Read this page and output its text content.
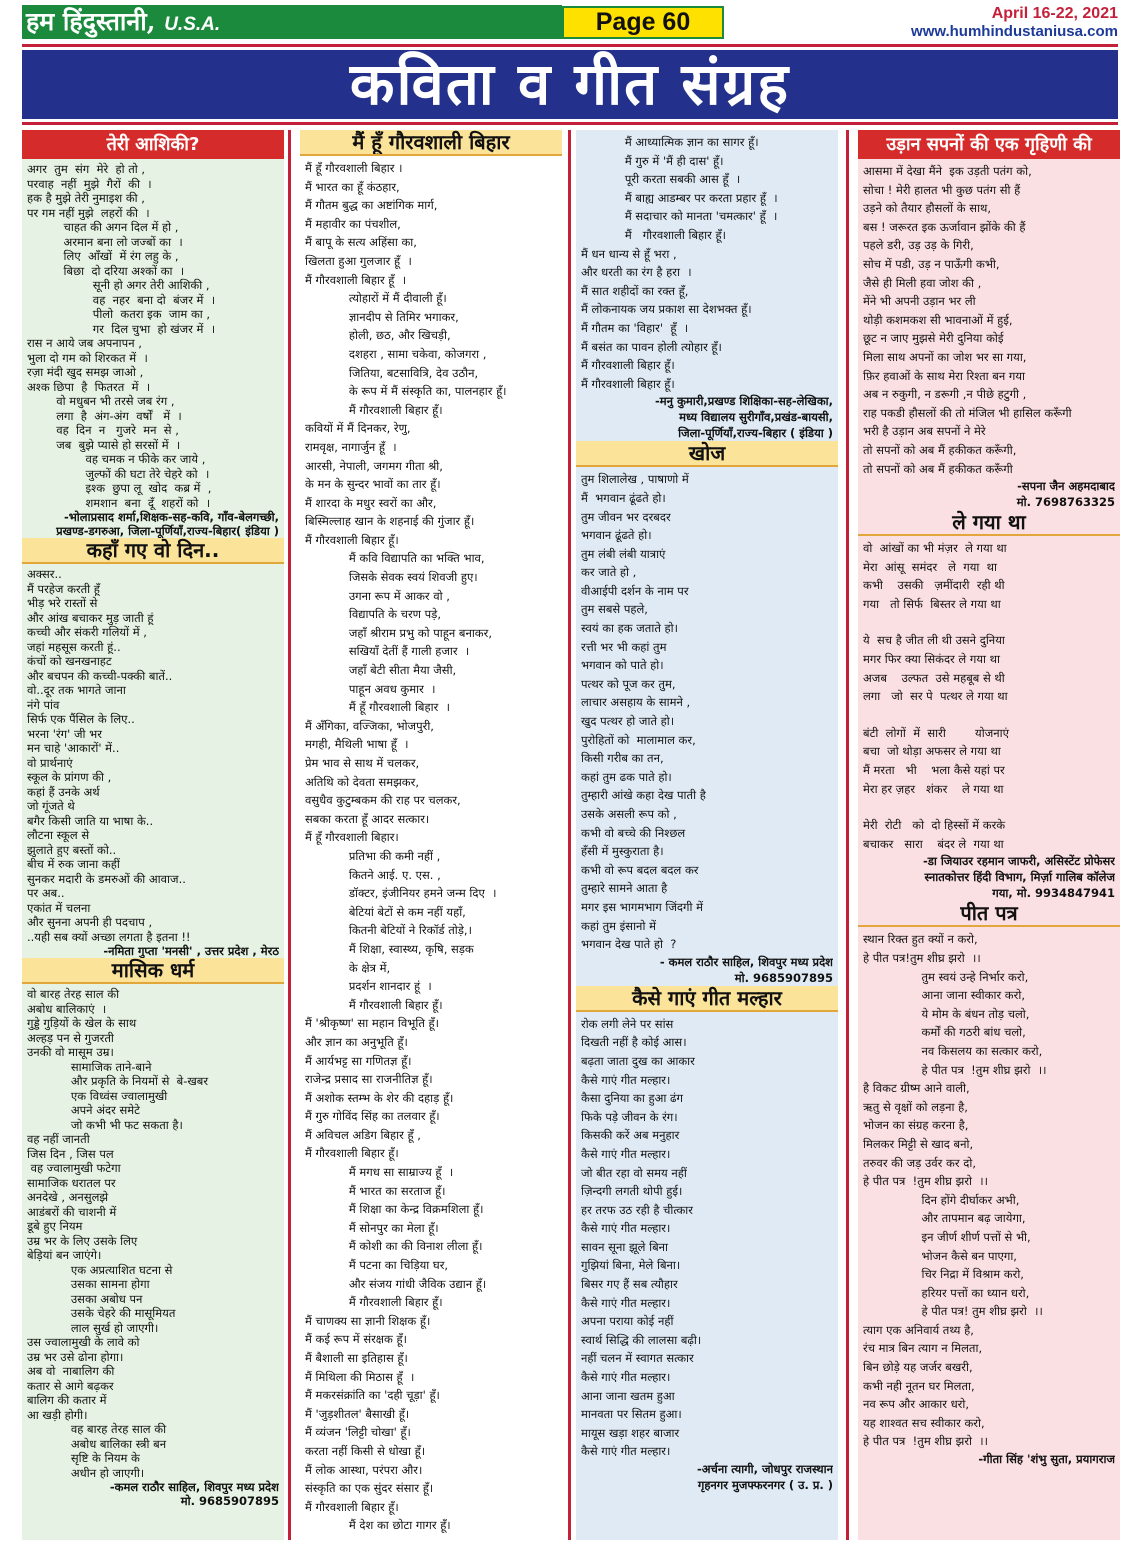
हम हिंदुस्तानी, U.S.A.	Page 60	April 16-22, 2021
www.humhindustaniusa.com
कविता व गीत संग्रह
तेरी आशिकी?
अगर  तुम  संग  मेरे  हो तो ,
परवाह  नहीं  मुझे  गैरों  की  ।
हक है मुझे तेरी नुमाइश की ,
पर गम नहीं मुझे  लहरों की  ।
चाहत की अगन दिल में हो ,
अरमान बना लो जज्बों का  ।
लिए  आँखों  में रंग लहु के ,
बिछा  दो दरिया अश्कों का  ।
सूनी हो अगर तेरी आशिकी ,
वह  नहर  बना दो  बंजर में  ।
पीलो  कतरा इक  जाम का ,
गर  दिल चुभा  हो खंजर में  ।
रास न आये जब अपनापन ,
भुला दो गम को शिरकत में  ।
रज़ा मंदी खुद समझ जाओ ,
अश्क छिपा  है  फितरत  में  ।
वो मधुबन भी तरसे जब रंग ,
लगा  है  अंग-अंग  वर्षों   में  ।
वह  दिन  न   गुजरे  मन  से ,
जब  बुझे प्यासे हो सरसों में  ।
वह चमक न फीके कर जाये ,
जुल्फों की घटा तेरे चेहरे को  ।
इश्क  छुपा लू  खोद  कब्र में  ,
शमशान  बना  दूँ  शहरों को  ।
-भोलाप्रसाद शर्मा,शिक्षक-सह-कवि, गाँव-बेलगच्छी,
प्रखण्ड-डगरुआ, जिला-पूर्णियाँ,राज्य-बिहार( इंडिया )
कहाँ गए वो दिन..
अक्सर..
मैं परहेज करती हूँ
भीड़ भरे रास्तों से
और आंख बचाकर मुड़ जाती हूं
कच्ची और संकरी गलियों में ,
जहां महसूस करती हूं..
कंचों को खनखनाहट
और बचपन की कच्ची-पक्की बातें..
वो..दूर तक भागते जाना
नंगे पांव
सिर्फ एक पैंसिल के लिए..
भरना 'रंग' जी भर
मन चाहे 'आकारों' में..
वो प्रार्थनाएं
स्कूल के प्रांगण की ,
कहां हैं उनके अर्थ
जो गूंजते थे
बगैर किसी जाति या भाषा के..
लौटना स्कूल से
झुलाते हुए बस्तों को..
बीच में रुक जाना कहीं
सुनकर मदारी के डमरुओं की आवाज..
पर अब..
एकांत में चलना
और सुनना अपनी ही पदचाप ,
..यही सब क्यों अच्छा लगता है इतना !!
-नमिता गुप्ता 'मनसी' , उत्तर प्रदेश , मेरठ
मासिक धर्म
वो बारह तेरह साल की
अबोध बालिकाएं  ।
गुड्डे गुड़ियों के खेल के साथ
अल्हड़ पन से गुजरती
उनकी वो मासूम उम्र।
सामाजिक ताने-बाने
और प्रकृति के नियमों से  बे-खबर
एक विध्वंस ज्वालामुखी
अपने अंदर समेटे
जो कभी भी फट सकता है।
वह नहीं जानती
जिस दिन , जिस पल
वह ज्वालामुखी फटेगा
सामाजिक धरातल पर
अनदेखे , अनसुलझे
आडंबरों की चाशनी में
डूबे हुए नियम
उम्र भर के लिए उसके लिए
बेड़ियां बन जाएंगे।
एक अप्रत्याशित घटना से
उसका सामना होगा
उसका अबोध पन
उसके चेहरे की मासूमियत
लाल सुर्ख हो जाएगी।
उस ज्वालामुखी के लावे को
उम्र भर उसे ढोना होगा।
अब वो  नाबालिग की
कतार से आगे बढ़कर
बालिग की कतार में
आ खड़ी होगी।
वह बारह तेरह साल की
अबोध बालिका स्त्री बन
सृष्टि के नियम के
अधीन हो जाएगी।
-कमल राठौर साहिल, शिवपुर मध्य प्रदेश
मो. 9685907895
मैं हूँ गौरवशाली बिहार
मैं हूँ गौरवशाली बिहार ।
मैं भारत का हूँ कंठहार,
मैं गौतम बुद्ध का अष्टांगिक मार्ग,
मैं महावीर का पंचशील,
मैं बापू के सत्य अहिंसा का,
खिलता हुआ गुलजार हूँ  ।
मैं गौरवशाली बिहार हूँ  ।
त्योहारों में मैं दीवाली हूँ।
ज्ञानदीप से तिमिर भगाकर,
होली, छठ, और खिचड़ी,
दशहरा , सामा चकेवा, कोजगरा ,
जितिया, बटसावित्रि, देव उठौन,
के रूप में मैं संस्कृति का, पालनहार हूँ।
मैं गौरवशाली बिहार हूँ।
कवियों में मैं दिनकर, रेणु,
रामवृक्ष, नागार्जुन हूँ  ।
आरसी, नेपाली, जगमग गीता श्री,
के मन के सुन्दर भावों का तार हूँ।
मैं शारदा के मधुर स्वरों का और,
बिस्मिल्लाह खान के शहनाई की गुंजार हूँ।
मैं गौरवशाली बिहार हूँ।
मैं कवि विद्यापति का भक्ति भाव,
जिसके सेवक स्वयं शिवजी हुए।
उगना रूप में आकर वो ,
विद्यापति के चरण पड़े,
जहाँ श्रीराम प्रभु को पाहून बनाकर,
सखियाँ देतीं हैं गाली हजार  ।
जहाँ बेटी सीता मैया जैसी,
पाहून अवध कुमार  ।
मैं हूँ गौरवशाली बिहार  ।
मैं अँगिका, वज्जिका, भोजपुरी,
मगही, मैथिली भाषा हूँ  ।
प्रेम भाव से साथ में चलकर,
अतिथि को देवता समझकर,
वसुधैव कुटुम्बकम की राह पर चलकर,
सबका करता हूँ आदर सत्कार।
मैं हूँ गौरवशाली बिहार।
प्रतिभा की कमी नहीं ,
कितने आई. ए. एस. ,
डॉक्टर, इंजीनियर हमने जन्म दिए  ।
बेटियां बेटों से कम नहीं यहाँ,
कितनी बेटियों ने रिकॉर्ड तोड़े,।
मैं शिक्षा, स्वास्थ्य, कृषि, सड़क
के क्षेत्र में,
प्रदर्शन शानदार हूं  ।
मैं गौरवशाली बिहार हूँ।
मैं 'श्रीकृष्ण' सा महान विभूति हूँ।
और ज्ञान का अनुभूति हूँ।
मैं आर्यभट्ट सा गणितज्ञ हूँ।
राजेन्द्र प्रसाद सा राजनीतिज्ञ हूँ।
मैं अशोक स्तम्भ के शेर की दहाड़ हूँ।
मैं गुरु गोविंद सिंह का तलवार हूँ।
मैं अविचल अडिग बिहार हूँ ,
मैं गौरवशाली बिहार हूँ।
मैं मगध सा साम्राज्य हूँ  ।
मैं भारत का सरताज हूँ।
मैं शिक्षा का केन्द्र विक्रमशिला हूँ।
मैं सोनपुर का मेला हूँ।
मैं कोशी का की विनाश लीला हूँ।
मैं पटना का चिड़िया घर,
और संजय गांधी जैविक उद्यान हूँ।
मैं गौरवशाली बिहार हूँ।
मैं चाणक्य सा ज्ञानी शिक्षक हूँ।
मैं कई रूप में संरक्षक हूँ।
मैं बैशाली सा इतिहास हूँ।
मैं मिथिला की मिठास हूँ  ।
मैं मकरसंक्रांति का 'दही चूड़ा' हूँ।
मैं 'जुड़शीतल' बैसाखी हूँ।
मैं व्यंजन 'लिट्टी चोखा' हूँ।
करता नहीं किसी से धोखा हूँ।
मैं लोक आस्था, परंपरा और।
संस्कृति का एक सुंदर संसार हूँ।
मैं गौरवशाली बिहार हूँ।
मैं देश का छोटा गागर हूँ।
मैं आध्यात्मिक ज्ञान का सागर हूँ।
मैं गुरु में 'मैं ही दास' हूँ।
पूरी करता सबकी आस हूँ  ।
मैं बाह्य आडम्बर पर करता प्रहार हूँ  ।
मैं सदाचार को मानता 'चमत्कार' हूँ  ।
मैं   गौरवशाली बिहार हूँ।
मैं धन धान्य से हूँ भरा ,
और धरती का रंग है हरा  ।
मैं सात शहीदों का रक्त हूँ,
मैं लोकनायक जय प्रकाश सा देशभक्त हूँ।
मैं गौतम का 'विहार'  हूँ  ।
मैं बसंत का पावन होली त्योहार हूँ।
मैं गौरवशाली बिहार हूँ।
मैं गौरवशाली बिहार हूँ।
-मनु कुमारी,प्रखण्ड शिक्षिका-सह-लेखिका,
मध्य विद्यालय सुरीगाँव,प्रखंड-बायसी,
जिला-पूर्णियाँ,राज्य-बिहार ( इंडिया )
खोज
तुम शिलालेख , पाषाणो में
मैं  भगवान ढूंढते हो।
तुम जीवन भर दरबदर
भगवान ढूंढते हो।
तुम लंबी लंबी यात्राएं
कर जाते हो ,
वीआईपी दर्शन के नाम पर
तुम सबसे पहले,
स्वयं का हक जताते हो।
रत्ती भर भी कहां तुम
भगवान को पाते हो।
पत्थर को पूज कर तुम,
लाचार असहाय के सामने ,
खुद पत्थर हो जाते हो।
पुरोहितों को  मालामाल कर,
किसी गरीब का तन,
कहां तुम ढक पाते हो।
तुम्हारी आंखे कहा देख पाती है
उसके असली रूप को ,
कभी वो बच्चे की निश्छल
हँसी में मुस्कुराता है।
कभी वो रूप बदल बदल कर
तुम्हारे सामने आता है
मगर इस भागमभाग जिंदगी में
कहां तुम इंसानो में
भगवान देख पाते हो  ?
- कमल राठौर साहिल, शिवपुर मध्य प्रदेश
मो. 9685907895
कैसे गाएं गीत मल्हार
रोक लगी लेने पर सांस
दिखती नहीं है कोई आस।
बढ़ता जाता दुख का आकार
कैसे गाएं गीत मल्हार।
कैसा दुनिया का हुआ ढंग
फिके पड़े जीवन के रंग।
किसकी करें अब मनुहार
कैसे गाएं गीत मल्हार।
जो बीत रहा वो समय नहीं
ज़िन्दगी लगती थोपी हुई।
हर तरफ उठ रही है चीत्कार
कैसे गाएं गीत मल्हार।
सावन सूना झूले बिना
गुझियां बिना, मेले बिना।
बिसर गए हैं सब त्यौहार
कैसे गाएं गीत मल्हार।
अपना पराया कोई नहीं
स्वार्थ सिद्धि की लालसा बढ़ी।
नहीं चलन में स्वागत सत्कार
कैसे गाएं गीत मल्हार।
आना जाना खतम हुआ
मानवता पर सितम हुआ।
मायूस खड़ा शहर बाजार
कैसे गाएं गीत मल्हार।
-अर्चना त्यागी, जोधपुर राजस्थान
गृहनगर मुजफ्फरनगर ( उ. प्र. )
उड़ान सपनों की एक गृहिणी की
आसमा में देखा मैंने  इक उड़ती पतंग को,
सोचा ! मेरी हालत भी कुछ पतंग सी हैं
उड़ने को तैयार हौसलों के साथ,
बस ! जरूरत इक ऊर्जावान झोंके की हैं
पहले डरी, उड़ उड़ के गिरी,
सोच में पडी, उड़ न पाऊँगी कभी,
जैसे ही मिली हवा जोश की ,
मेंने भी अपनी उड़ान भर ली
थोड़ी कशमकश सी भावनाओं में हुई,
छूट न जाए मुझसे मेरी दुनिया कोई
मिला साथ अपनों का जोश भर सा गया,
फ़िर हवाओं के साथ मेरा रिश्ता बन गया
अब न रुकुगी, न डरूगी ,न पीछे हटुगी ,
राह पकडी हौसलों की तो मंजिल भी हासिल करूँगी
भरी है उड़ान अब सपनों ने मेरे
तो सपनों को अब मैं हकीकत करूँगी,
तो सपनों को अब मैं हकीकत करूँगी
-सपना जैन अहमदाबाद
मो. 7698763325
ले गया था
वो  आंखों का भी मंज़र  ले गया था
मेरा  आंसू  समंदर   ले  गया  था
कभी    उसकी   ज़मींदारी  रही थी
गया   तो सिर्फ  बिस्तर ले गया था
ये  सच है जीत ली थी उसने दुनिया
मगर फिर क्या सिकंदर ले गया था
अजब    उल्फत  उसे महबूब से थी
लगा   जो  सर पे  पत्थर ले गया था
बंटी  लोगों  में  सारी        योजनाएं
बचा  जो थोड़ा अफसर ले गया था
मैं मरता   भी    भला कैसे यहां पर
मेरा हर ज़हर   शंकर    ले गया था
मेरी  रोटी   को  दो हिस्सों में करके
बचाकर   सारा    बंदर ले  गया था
-डा जियाउर रहमान जाफरी, असिस्टेंट प्रोफेसर
स्नातकोत्तर हिंदी विभाग, मिर्ज़ा गालिब कॉलेज
गया, मो. 9934847941
पीत पत्र
स्थान रिक्त हुत क्यों न करो,
हे पीत पत्र!तुम शीघ्र झरो  ।।
तुम स्वयं उन्हे निर्भार करो,
आना जाना स्वीकार करो,
ये मोम के बंधन तोड़ चलो,
कर्मों की गठरी बांध चलो,
नव किसलय का सत्कार करो,
हे पीत पत्र  !तुम शीघ्र झरो  ।।
है विकट ग्रीष्म आने वाली,
ऋतु से वृक्षों को लड़ना है,
भोजन का संग्रह करना है,
मिलकर मिट्टी से खाद बनो,
तरुवर की जड़ उर्वर कर दो,
हे पीत पत्र  !तुम शीघ्र झरो  ।।
दिन होंगे दीर्घाकर अभी,
और तापमान बढ़ जायेगा,
इन जीर्ण शीर्ण पत्तों से भी,
भोजन कैसे बन पाएगा,
चिर निद्रा में विश्राम करो,
हरियर पत्तों का ध्यान धरो,
हे पीत पत्र! तुम शीघ्र झरो  ।।
त्याग एक अनिवार्य तथ्य है,
रंच मात्र बिन त्याग न मिलता,
बिन छोड़े यह जर्जर बखरी,
कभी नही नूतन घर मिलता,
नव रूप और आकार धरो,
यह शाश्वत सच स्वीकार करो,
हे पीत पत्र  !तुम शीघ्र झरो  ।।
-गीता सिंह 'शंभु सुता, प्रयागराज
